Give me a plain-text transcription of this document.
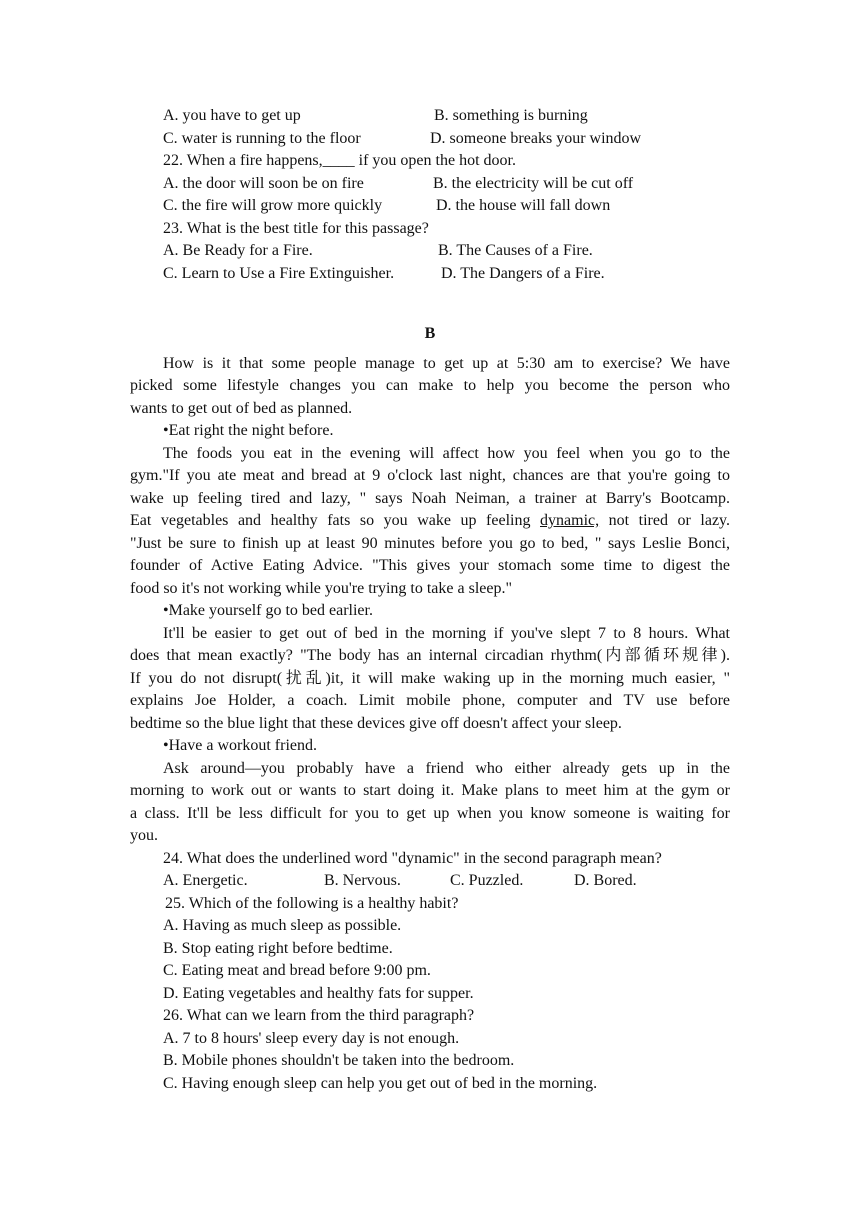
A. you have to get up	B. something is burning
C. water is running to the floor	D. someone breaks your window
22. When a fire happens,____ if you open the hot door.
A. the door will soon be on fire	B. the electricity will be cut off
C. the fire will grow more quickly	D. the house will fall down
23. What is the best title for this passage?
A. Be Ready for a Fire.	B. The Causes of a Fire.
C. Learn to Use a Fire Extinguisher.	D. The Dangers of a Fire.
B
How is it that some people manage to get up at 5:30 am to exercise? We have
picked some lifestyle changes you can make to help you become the person who
wants to get out of bed as planned.
•Eat right the night before.
The foods you eat in the evening will affect how you feel when you go to the
gym."If you ate meat and bread at 9 o'clock last night, chances are that you're going to
wake up feeling tired and lazy, " says Noah Neiman, a trainer at Barry's Bootcamp.
Eat vegetables and healthy fats so you wake up feeling dynamic, not tired or lazy.
"Just be sure to finish up at least 90 minutes before you go to bed, " says Leslie Bonci,
founder of Active Eating Advice. "This gives your stomach some time to digest the
food so it's not working while you're trying to take a sleep."
•Make yourself go to bed earlier.
It'll be easier to get out of bed in the morning if you've slept 7 to 8 hours. What
does that mean exactly? "The body has an internal circadian rhythm(内部循环规律).
If you do not disrupt(扰乱)it, it will make waking up in the morning much easier, "
explains Joe Holder, a coach. Limit mobile phone, computer and TV use before
bedtime so the blue light that these devices give off doesn't affect your sleep.
•Have a workout friend.
Ask around—you probably have a friend who either already gets up in the
morning to work out or wants to start doing it. Make plans to meet him at the gym or
a class. It'll be less difficult for you to get up when you know someone is waiting for
you.
24. What does the underlined word "dynamic" in the second paragraph mean?
A. Energetic.	B. Nervous.	C. Puzzled.	D. Bored.
25. Which of the following is a healthy habit?
A. Having as much sleep as possible.
B. Stop eating right before bedtime.
C. Eating meat and bread before 9:00 pm.
D. Eating vegetables and healthy fats for supper.
26. What can we learn from the third paragraph?
A. 7 to 8 hours' sleep every day is not enough.
B. Mobile phones shouldn't be taken into the bedroom.
C. Having enough sleep can help you get out of bed in the morning.
